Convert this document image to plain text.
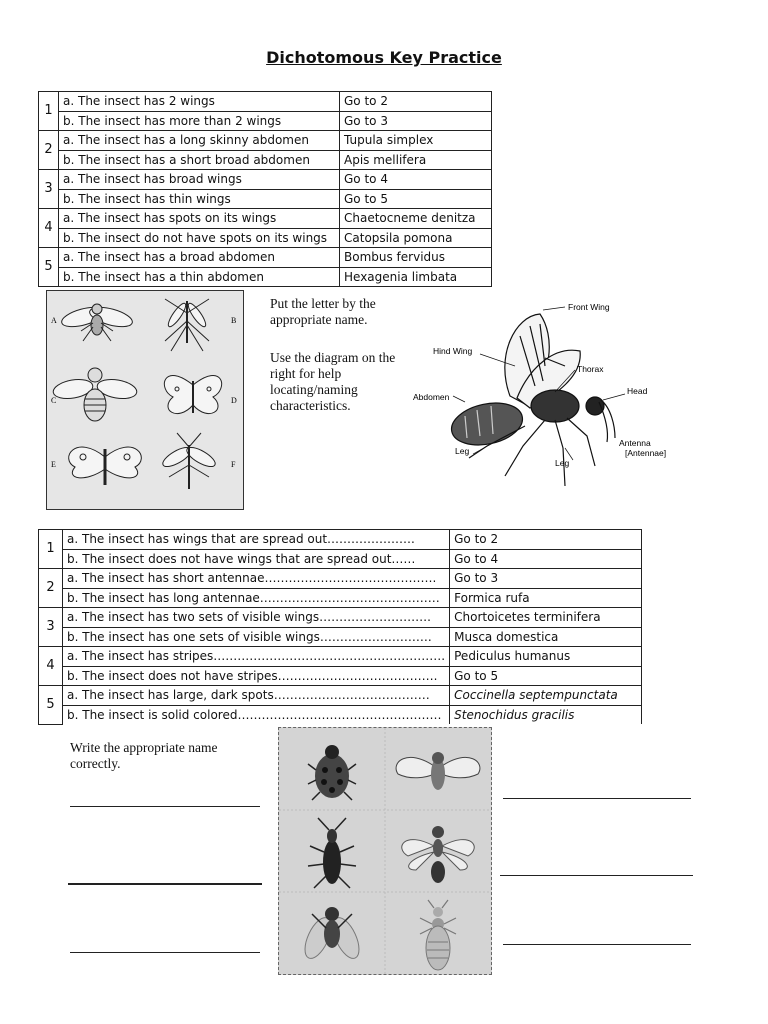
Dichotomous Key Practice
1	a. The insect has 2 wings	Go to 2
	b. The insect has more than 2 wings	Go to 3
2	a. The insect has a long skinny abdomen	Tupula simplex
	b. The insect has a short broad abdomen	Apis mellifera
3	a. The insect has broad wings	Go to 4
	b. The insect has thin wings	Go to 5
4	a. The insect has spots on its wings	Chaetocneme denitza
	b. The insect do not have spots on its wings	Catopsila pomona
5	a. The insect has a broad abdomen	Bombus fervidus
	b. The insect has a thin abdomen	Hexagenia limbata
A	B
C	D
E	F
Put the letter by the appropriate name.
Use the diagram on the right for help locating/naming characteristics.
Front Wing
Hind Wing
Thorax
Head
Abdomen
Antenna
[Antennae]
Leg
Leg
1	a. The insect has wings that are spread out………………….	Go to 2
	b. The insect does not have wings that are spread out……	Go to 4
2	a. The insect has short antennae…………………………………….	Go to 3
	b. The insect has long antennae………………………………………	Formica rufa
3	a. The insect has two sets of visible wings……………………….	Chortoicetes terminifera
	b. The insect has one sets of visible wings……………………….	Musca domestica
4	a. The insect has stripes………………………………………………….	Pediculus humanus
	b. The insect does not have stripes………………………………….	Go to 5
5	a. The insect has large, dark spots…………………………………	Coccinella septempunctata
	b. The insect is solid colored……………………………………………	Stenochidus gracilis
Write the appropriate name correctly.
